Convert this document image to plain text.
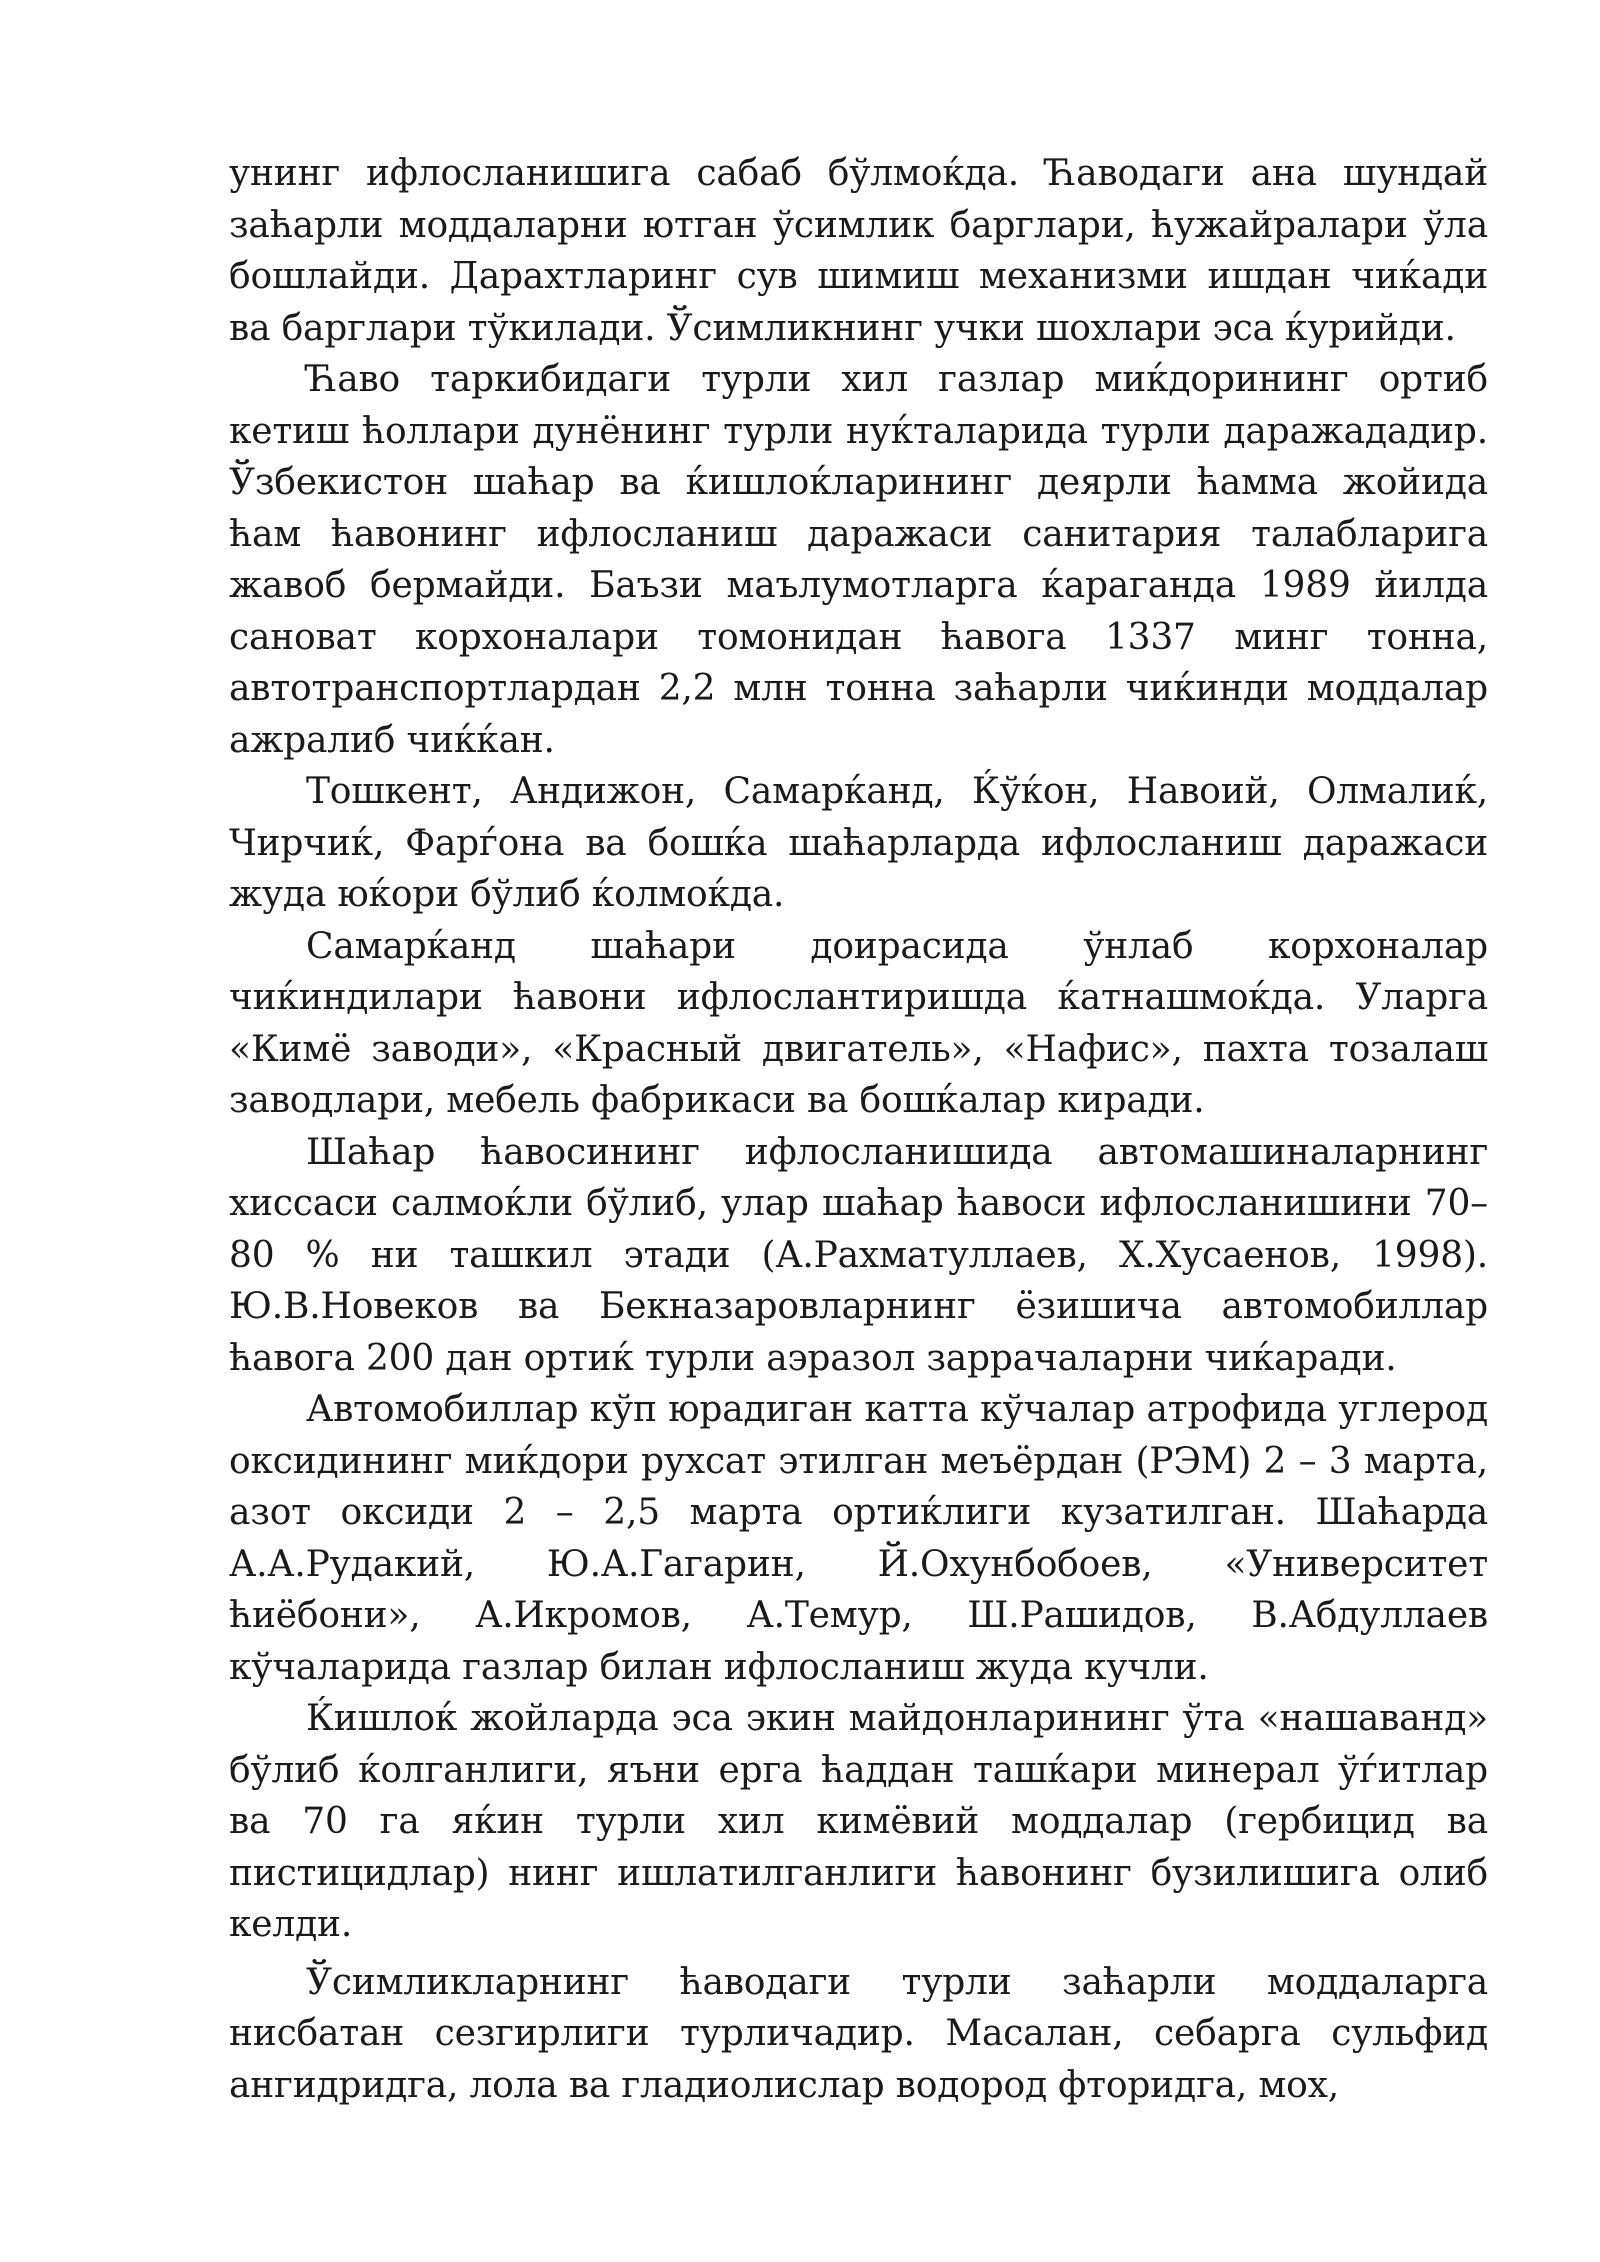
унинг ифлосланишига сабаб бўлмоќда. Ћаводаги ана шундай заћарли моддаларни ютган ўсимлик барглари, ћужайралари ўла бошлайди. Дарахтларинг сув шимиш механизми ишдан чиќади ва барглари тўкилади. Ўсимликнинг учки шохлари эса ќурийди.

Ћаво таркибидаги турли хил газлар миќдорининг ортиб кетиш ћоллари дунёнинг турли нуќталарида турли даражададир. Ўзбекистон шаћар ва ќишлоќларининг деярли ћамма жойида ћам ћавонинг ифлосланиш даражаси санитария талабларига жавоб бермайди. Баъзи маълумотларга ќараганда 1989 йилда сановат корхоналари томонидан ћавога 1337 минг тонна, автотранспортлардан 2,2 млн тонна заћарли чиќинди моддалар ажралиб чиќќан.

Тошкент, Андижон, Самарќанд, Ќўќон, Навоий, Олмалиќ, Чирчиќ, Фарѓона ва бошќа шаћарларда ифлосланиш даражаси жуда юќори бўлиб ќолмоќда.

Самарќанд шаћари доирасида ўнлаб корхоналар чиќиндилари ћавони ифлослантиришда ќатнашмоќда. Уларга «Кимё заводи», «Красный двигатель», «Нафис», пахта тозалаш заводлари, мебель фабрикаси ва бошќалар киради.

Шаћар ћавосининг ифлосланишида автомашиналарнинг хиссаси салмоќли бўлиб, улар шаћар ћавоси ифлосланишини 70–80 % ни ташкил этади (А.Рахматуллаев, Х.Хусаенов, 1998). Ю.В.Новеков ва Бекназаровларнинг ёзишича автомобиллар ћавога 200 дан ортиќ турли аэразол заррачаларни чиќаради.

Автомобиллар кўп юрадиган катта кўчалар атрофида углерод оксидининг миќдори рухсат этилган меъёрдан (РЭМ) 2 – 3 марта, азот оксиди 2 – 2,5 марта ортиќлиги кузатилган. Шаћарда А.А.Рудакий, Ю.А.Гагарин, Й.Охунбобоев, «Университет ћиёбони», А.Икромов, А.Темур, Ш.Рашидов, В.Абдуллаев кўчаларида газлар билан ифлосланиш жуда кучли.

Ќишлоќ жойларда эса экин майдонларининг ўта «нашаванд» бўлиб ќолганлиги, яъни ерга ћаддан ташќари минерал ўѓитлар ва 70 га яќин турли хил кимёвий моддалар (гербицид ва пистицидлар) нинг ишлатилганлиги ћавонинг бузилишига олиб келди.

Ўсимликларнинг ћаводаги турли заћарли моддаларга нисбатан сезгирлиги турличадир. Масалан, себарга сульфид ангидридга, лола ва гладиолислар водород фторидга, мох,
